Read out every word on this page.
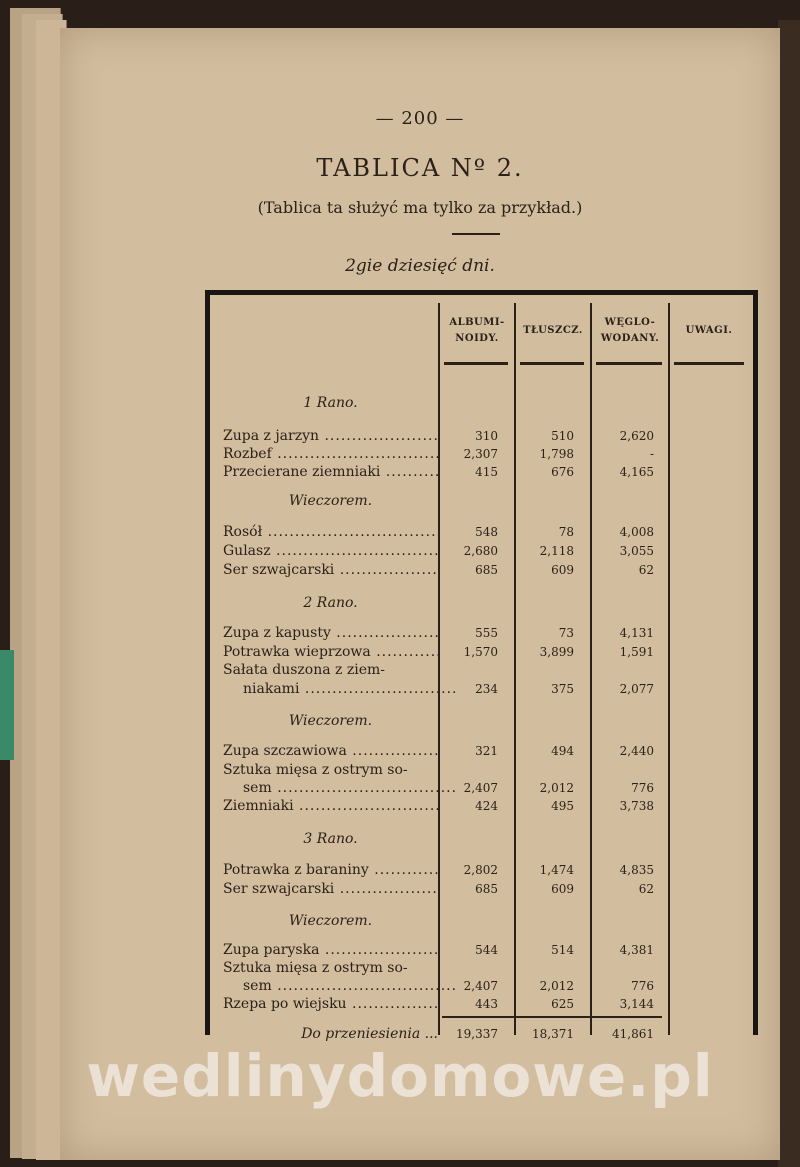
— 200 —
TABLICA Nº 2.
(Tablica ta służyć ma tylko za przykład.)
2gie dziesięć dni.
ALBUMI-
NOIDY.
TŁUSZCZ.
WĘGLO-
WODANY.
UWAGI.
1 Rano.
Zupa z jarzyn .....	310	510	2,620
Rozbef .....	2,307	1,798	-
Przecierane ziemniaki .....	415	676	4,165
Wieczorem.
Rosół .....	548	78	4,008
Gulasz .....	2,680	2,118	3,055
Ser szwajcarski .....	685	609	62
2 Rano.
Zupa z kapusty .....	555	73	4,131
Potrawka wieprzowa .....	1,570	3,899	1,591
Sałata duszona z ziem-
niakami .....	234	375	2,077
Wieczorem.
Zupa szczawiowa .....	321	494	2,440
Sztuka mięsa z ostrym so-
sem .....	2,407	2,012	776
Ziemniaki .....	424	495	3,738
3 Rano.
Potrawka z baraniny .....	2,802	1,474	4,835
Ser szwajcarski .....	685	609	62
Wieczorem.
Zupa paryska .....	544	514	4,381
Sztuka mięsa z ostrym so-
sem .....	2,407	2,012	776
Rzepa po wiejsku .....	443	625	3,144
Do przeniesienia ...	19,337	18,371	41,861
wedlinydomowe.pl
